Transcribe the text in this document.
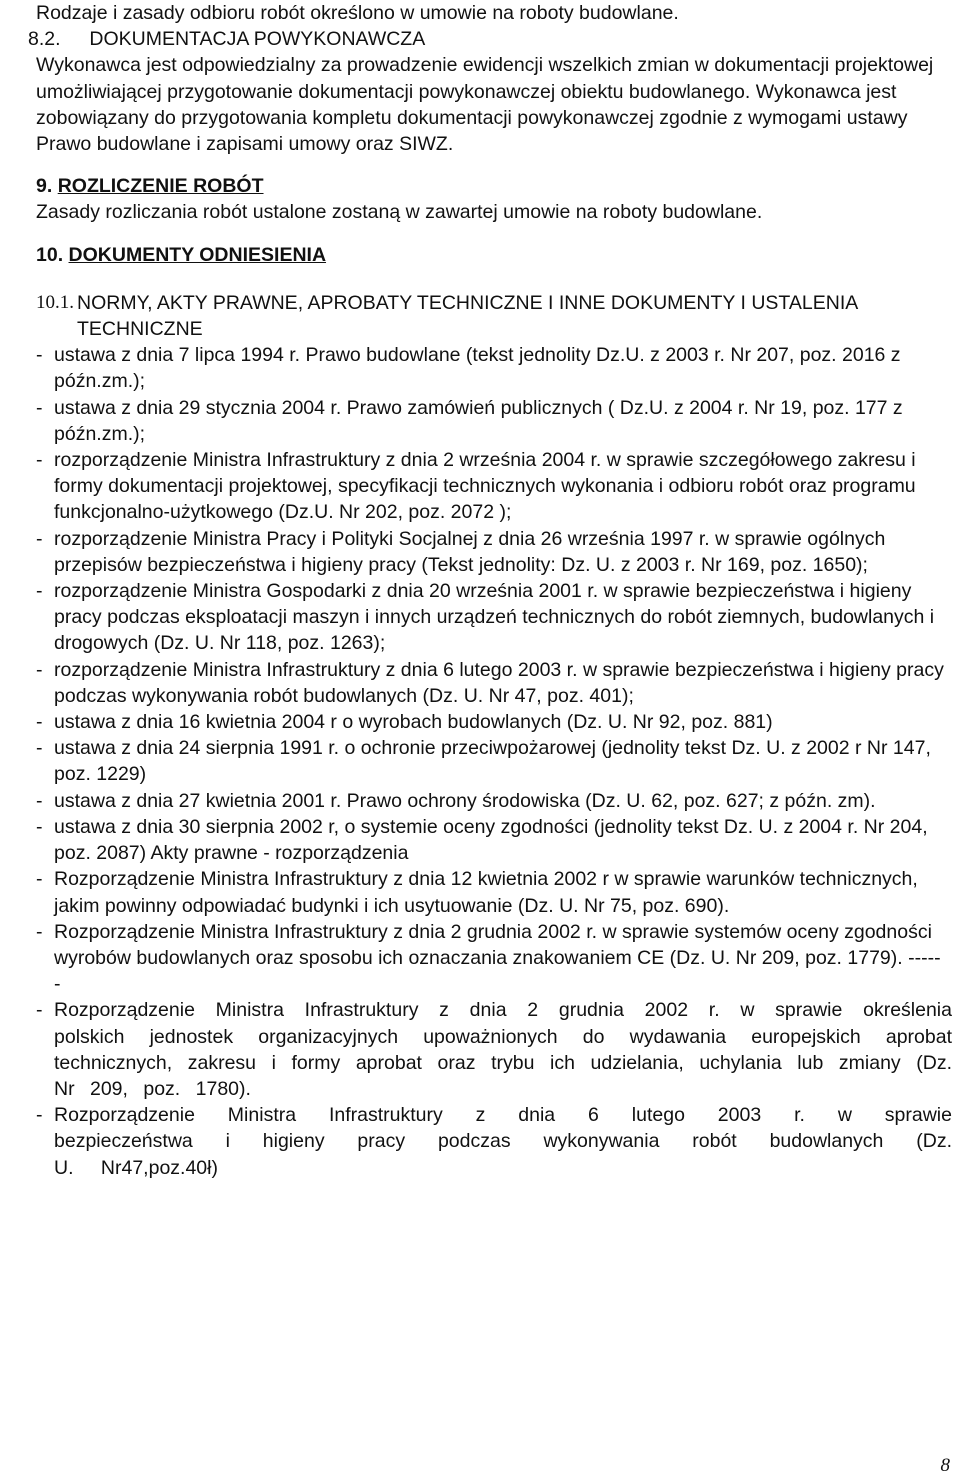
Rodzaje i zasady odbioru robót określono w umowie na roboty budowlane.

8.2. DOKUMENTACJA POWYKONAWCZA

Wykonawca jest odpowiedzialny za prowadzenie ewidencji wszelkich zmian w dokumentacji projektowej umożliwiającej przygotowanie dokumentacji powykonawczej obiektu budowlanego. Wykonawca jest zobowiązany do przygotowania kompletu dokumentacji powykonawczej zgodnie z wymogami ustawy Prawo budowlane i zapisami umowy oraz SIWZ.

9. ROZLICZENIE ROBÓT

Zasady rozliczania robót ustalone zostaną w zawartej umowie na roboty budowlane.

10. DOKUMENTY ODNIESIENIA

10.1. NORMY, AKTY PRAWNE, APROBATY TECHNICZNE I INNE DOKUMENTY I USTALENIA TECHNICZNE
- ustawa z dnia 7 lipca 1994 r. Prawo budowlane (tekst jednolity Dz.U. z 2003 r. Nr 207, poz. 2016 z późn.zm.);
- ustawa z dnia 29 stycznia 2004 r. Prawo zamówień publicznych ( Dz.U. z 2004 r. Nr 19, poz. 177 z późn.zm.);
- rozporządzenie Ministra Infrastruktury z dnia 2 września 2004 r. w sprawie szczegółowego zakresu i formy dokumentacji projektowej, specyfikacji technicznych wykonania i odbioru robót oraz programu funkcjonalno-użytkowego (Dz.U. Nr 202, poz. 2072 );
- rozporządzenie Ministra Pracy i Polityki Socjalnej z dnia 26 września 1997 r. w sprawie ogólnych przepisów bezpieczeństwa i higieny pracy (Tekst jednolity: Dz. U. z 2003 r. Nr 169, poz. 1650);
- rozporządzenie Ministra Gospodarki z dnia 20 września 2001 r. w sprawie bezpieczeństwa i higieny pracy podczas eksploatacji maszyn i innych urządzeń technicznych do robót ziemnych, budowlanych i drogowych (Dz. U. Nr 118, poz. 1263);
- rozporządzenie Ministra Infrastruktury z dnia 6 lutego 2003 r. w sprawie bezpieczeństwa i higieny pracy podczas wykonywania robót budowlanych (Dz. U. Nr 47, poz. 401);
- ustawa z dnia 16 kwietnia 2004 r o wyrobach budowlanych (Dz. U. Nr 92, poz. 881)
- ustawa z dnia 24 sierpnia 1991 r. o ochronie przeciwpożarowej (jednolity tekst Dz. U. z 2002 r Nr 147, poz. 1229)
- ustawa z dnia 27 kwietnia 2001 r. Prawo ochrony środowiska (Dz. U. 62, poz. 627; z późn. zm).
- ustawa z dnia 30 sierpnia 2002 r, o systemie oceny zgodności (jednolity tekst Dz. U. z 2004 r. Nr 204, poz. 2087) Akty prawne - rozporządzenia
- Rozporządzenie Ministra Infrastruktury z dnia 12 kwietnia 2002 r w sprawie warunków technicznych, jakim powinny odpowiadać budynki i ich usytuowanie (Dz. U. Nr 75, poz. 690).
- Rozporządzenie Ministra Infrastruktury z dnia 2 grudnia 2002 r. w sprawie systemów oceny zgodności wyrobów budowlanych oraz sposobu ich oznaczania znakowaniem CE (Dz. U. Nr 209, poz. 1779). ----- -
- Rozporządzenie Ministra Infrastruktury z dnia 2 grudnia 2002 r. w sprawie określenia polskich jednostek organizacyjnych upoważnionych do wydawania europejskich aprobat technicznych, zakresu i formy aprobat oraz trybu ich udzielania, uchylania lub zmiany (Dz. Nr 209, poz. 1780).
- Rozporządzenie Ministra Infrastruktury z dnia 6 lutego 2003 r. w sprawie bezpieczeństwa i higieny pracy podczas wykonywania robót budowlanych (Dz. U. Nr47,poz.40ł)
8
